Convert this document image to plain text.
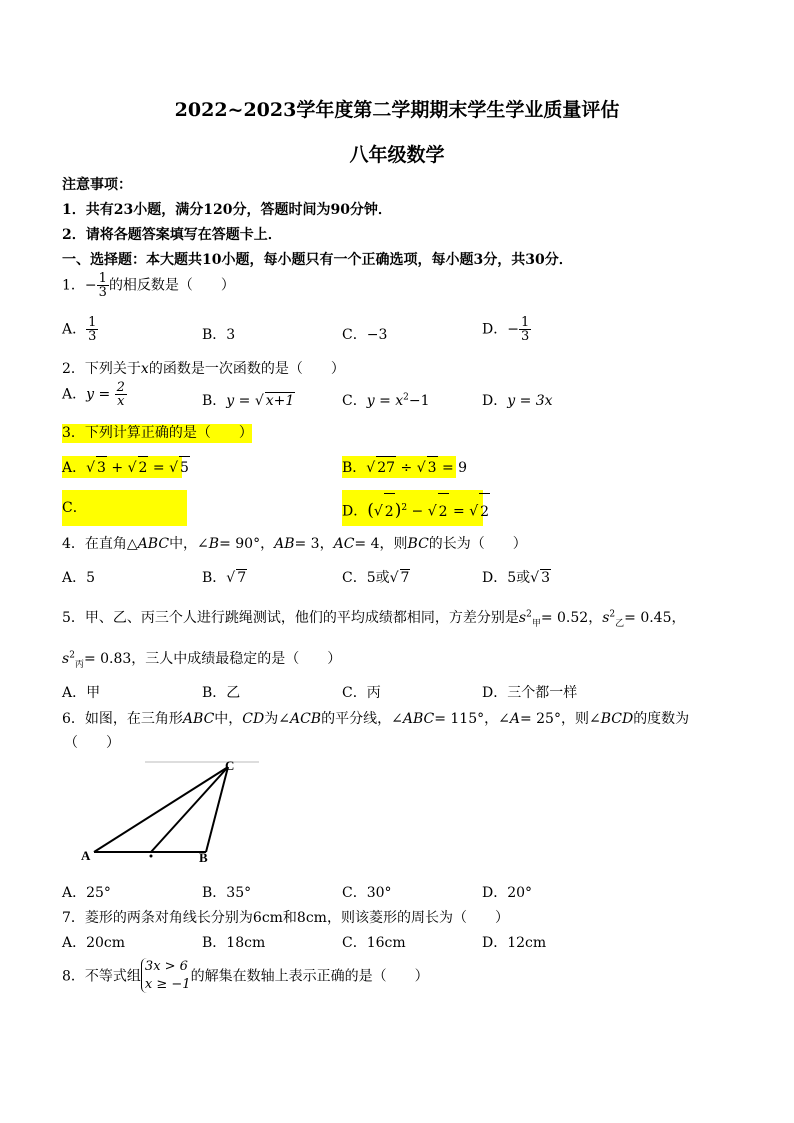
2022~2023学年度第二学期期末学生学业质量评估
八年级数学
注意事项：
1．共有23小题，满分120分，答题时间为90分钟．
2．请将各题答案填写在答题卡上．
一、选择题：本大题共10小题，每小题只有一个正确选项，每小题3分，共30分．
1．− $\frac{1}{3}$ 的相反数是（　　）
A． $\frac{1}{3}$	B．3	C．−3	D．− $\frac{1}{3}$
2．下列关于x的函数是一次函数的是（　　）
A．$y = \frac{2}{x}$	B．y = √ x+1	C．$y = x^2-1$	D．y = 3x
3．下列计算正确的是（　　）
A．√ 3 + √ 2 = √ 5	B．√ 27 ÷ √ 3 = 9
C．	D．(√ 2)$^2$ − √ 2 = √ 2
4．在直角△ABC中，∠B= 90°，AB= 3，AC= 4，则BC的长为（　　）
A．5	B．√ 7	C．5或√ 7	D．5或√ 3
5．甲、乙、丙三个人进行跳绳测试，他们的平均成绩都相同，方差分别是$s^2_甲= 0.52$，$s^2_乙= 0.45$，
$s^2_丙= 0.83$，三人中成绩最稳定的是（　　）
A．甲	B．乙	C．丙	D．三个都一样
6．如图，在三角形ABC中，CD为∠ACB的平分线，∠ABC= 115°，∠A= 25°，则∠BCD的度数为
（　　）
A	B
C
A．25°	B．35°	C．30°	D．20°
7．菱形的两条对角线长分别为6cm和8cm，则该菱形的周长为（　　）
A．20cm	B．18cm	C．16cm	D．12cm
8．不等式组
3x > 6
x ≥ −1 的解集在数轴上表示正确的是（　　）
